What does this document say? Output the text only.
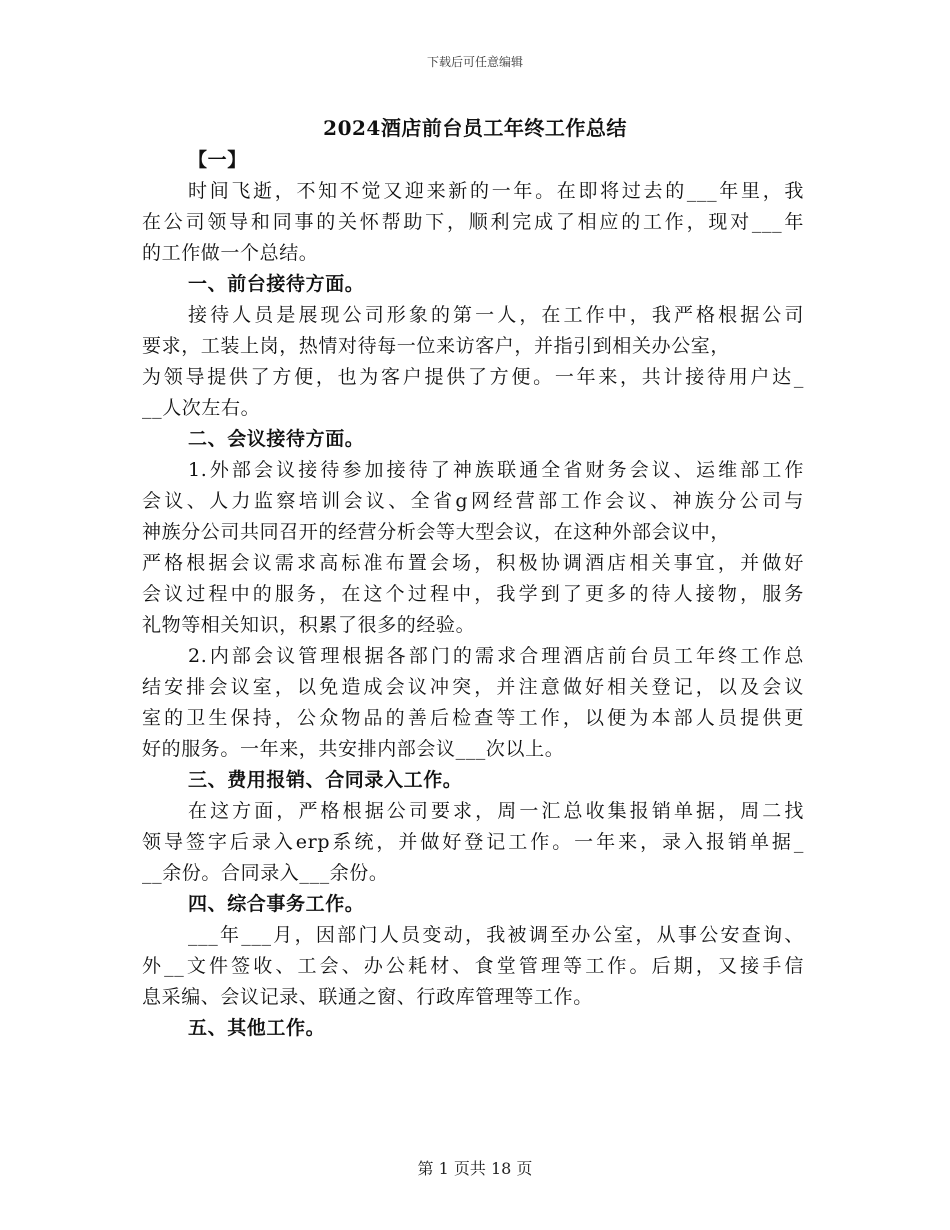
下载后可任意编辑
2024酒店前台员工年终工作总结
【一】
时间飞逝，不知不觉又迎来新的一年。在即将过去的___年里，我
在公司领导和同事的关怀帮助下，顺利完成了相应的工作，现对___年
的工作做一个总结。
一、前台接待方面。
接待人员是展现公司形象的第一人，在工作中，我严格根据公司
要求，工装上岗，热情对待每一位来访客户，并指引到相关办公室，
为领导提供了方便，也为客户提供了方便。一年来，共计接待用户达_
__人次左右。
二、会议接待方面。
1.外部会议接待参加接待了神族联通全省财务会议、运维部工作
会议、人力监察培训会议、全省g网经营部工作会议、神族分公司与
神族分公司共同召开的经营分析会等大型会议，在这种外部会议中，
严格根据会议需求高标准布置会场，积极协调酒店相关事宜，并做好
会议过程中的服务，在这个过程中，我学到了更多的待人接物，服务
礼物等相关知识，积累了很多的经验。
2.内部会议管理根据各部门的需求合理酒店前台员工年终工作总
结安排会议室，以免造成会议冲突，并注意做好相关登记，以及会议
室的卫生保持，公众物品的善后检查等工作，以便为本部人员提供更
好的服务。一年来，共安排内部会议___次以上。
三、费用报销、合同录入工作。
在这方面，严格根据公司要求，周一汇总收集报销单据，周二找
领导签字后录入erp系统，并做好登记工作。一年来，录入报销单据_
__余份。合同录入___余份。
四、综合事务工作。
___年___月，因部门人员变动，我被调至办公室，从事公安查询、
外__文件签收、工会、办公耗材、食堂管理等工作。后期，又接手信
息采编、会议记录、联通之窗、行政库管理等工作。
五、其他工作。
第 1 页共 18 页
